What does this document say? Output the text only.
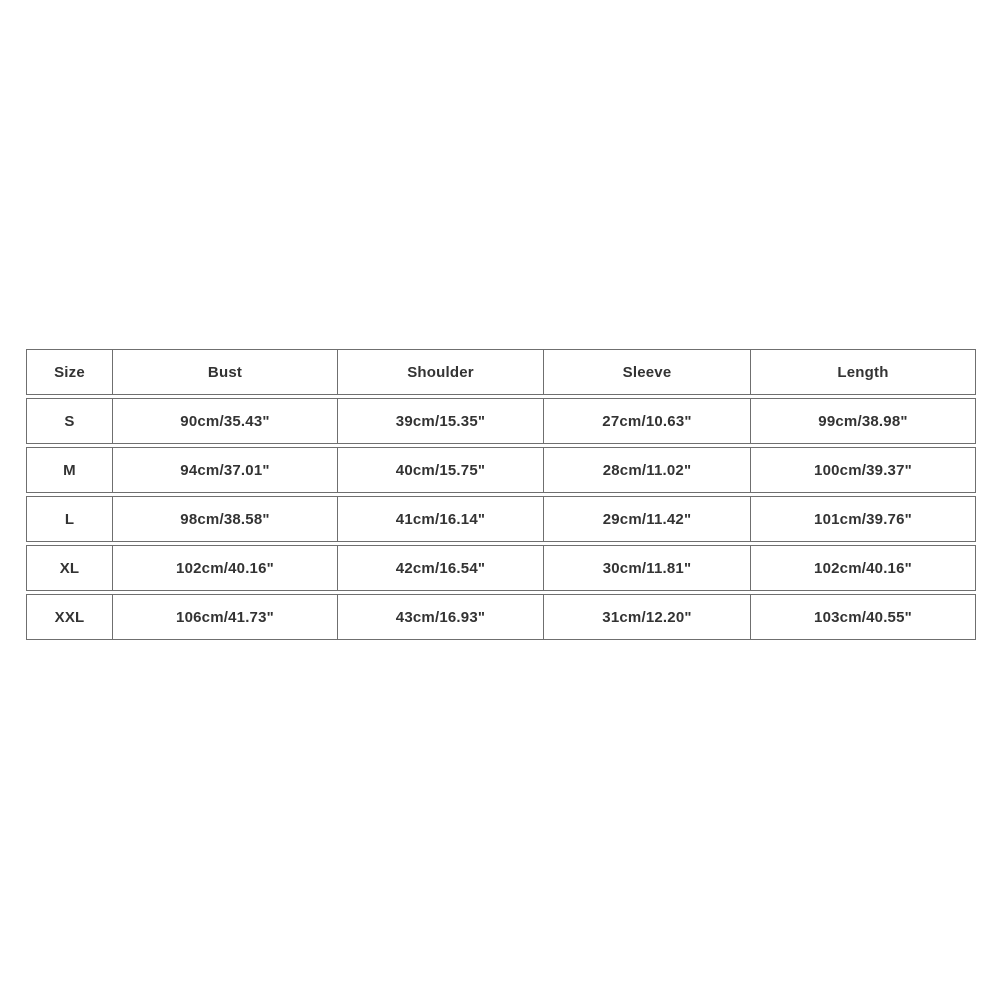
Size	Bust	Shoulder	Sleeve	Length
S	90cm/35.43"	39cm/15.35"	27cm/10.63"	99cm/38.98"
M	94cm/37.01"	40cm/15.75"	28cm/11.02"	100cm/39.37"
L	98cm/38.58"	41cm/16.14"	29cm/11.42"	101cm/39.76"
XL	102cm/40.16"	42cm/16.54"	30cm/11.81"	102cm/40.16"
XXL	106cm/41.73"	43cm/16.93"	31cm/12.20"	103cm/40.55"
